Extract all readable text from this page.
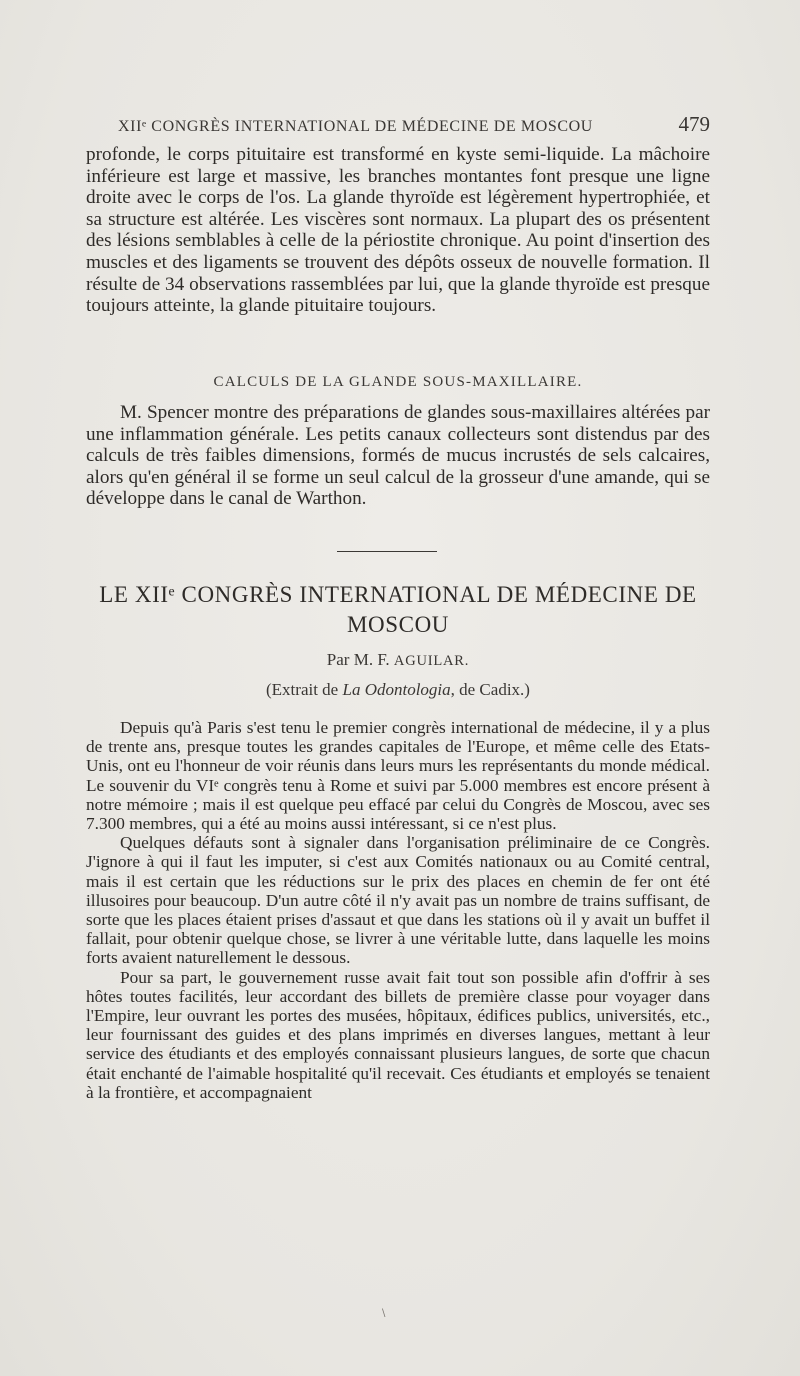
XIIᵉ CONGRÈS INTERNATIONAL DE MÉDECINE DE MOSCOU	479

profonde, le corps pituitaire est transformé en kyste semi-liquide. La mâchoire inférieure est large et massive, les branches montantes font presque une ligne droite avec le corps de l'os. La glande thyroïde est légèrement hypertrophiée, et sa structure est altérée. Les viscères sont normaux. La plupart des os présentent des lésions semblables à celle de la périostite chronique. Au point d'insertion des muscles et des ligaments se trouvent des dépôts osseux de nouvelle formation. Il résulte de 34 observations rassemblées par lui, que la glande thyroïde est presque toujours atteinte, la glande pituitaire toujours.

CALCULS DE LA GLANDE SOUS-MAXILLAIRE.

M. Spencer montre des préparations de glandes sous-maxillaires altérées par une inflammation générale. Les petits canaux collecteurs sont distendus par des calculs de très faibles dimensions, formés de mucus incrustés de sels calcaires, alors qu'en général il se forme un seul calcul de la grosseur d'une amande, qui se développe dans le canal de Warthon.

LE XIIᵉ CONGRÈS INTERNATIONAL DE MÉDECINE DE MOSCOU
Par M. F. AGUILAR.
(Extrait de La Odontologia, de Cadix.)

Depuis qu'à Paris s'est tenu le premier congrès international de médecine, il y a plus de trente ans, presque toutes les grandes capitales de l'Europe, et même celle des Etats-Unis, ont eu l'honneur de voir réunis dans leurs murs les représentants du monde médical. Le souvenir du VIᵉ congrès tenu à Rome et suivi par 5.000 membres est encore présent à notre mémoire ; mais il est quelque peu effacé par celui du Congrès de Moscou, avec ses 7.300 membres, qui a été au moins aussi intéressant, si ce n'est plus.

Quelques défauts sont à signaler dans l'organisation préliminaire de ce Congrès. J'ignore à qui il faut les imputer, si c'est aux Comités nationaux ou au Comité central, mais il est certain que les réductions sur le prix des places en chemin de fer ont été illusoires pour beaucoup. D'un autre côté il n'y avait pas un nombre de trains suffisant, de sorte que les places étaient prises d'assaut et que dans les stations où il y avait un buffet il fallait, pour obtenir quelque chose, se livrer à une véritable lutte, dans laquelle les moins forts avaient naturellement le dessous.

Pour sa part, le gouvernement russe avait fait tout son possible afin d'offrir à ses hôtes toutes facilités, leur accordant des billets de première classe pour voyager dans l'Empire, leur ouvrant les portes des musées, hôpitaux, édifices publics, universités, etc., leur fournissant des guides et des plans imprimés en diverses langues, mettant à leur service des étudiants et des employés connaissant plusieurs langues, de sorte que chacun était enchanté de l'aimable hospitalité qu'il recevait. Ces étudiants et employés se tenaient à la frontière, et accompagnaient

\
